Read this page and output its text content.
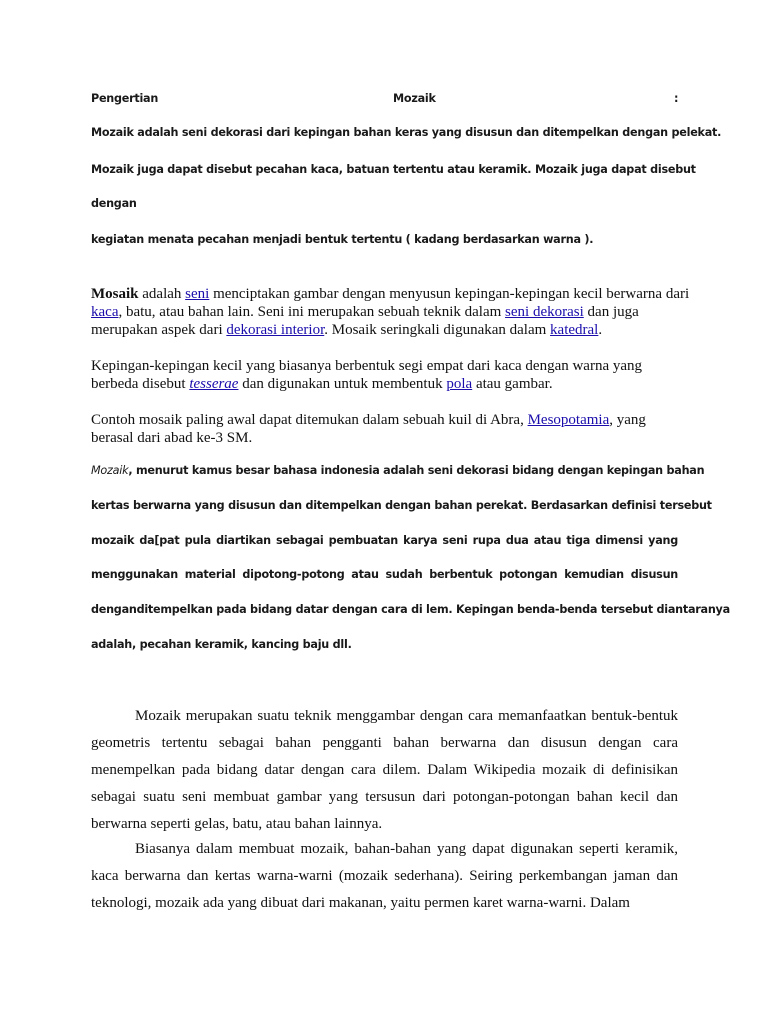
Pengertian	Mozaik	:
Mozaik adalah seni dekorasi dari kepingan bahan keras yang disusun dan ditempelkan dengan pelekat.
Mozaik juga dapat disebut pecahan kaca, batuan tertentu atau keramik. Mozaik juga dapat disebut
dengan
kegiatan menata pecahan menjadi bentuk tertentu ( kadang berdasarkan warna ).
Mosaik adalah seni menciptakan gambar dengan menyusun kepingan-kepingan kecil berwarna dari kaca, batu, atau bahan lain. Seni ini merupakan sebuah teknik dalam seni dekorasi dan juga merupakan aspek dari dekorasi interior. Mosaik seringkali digunakan dalam katedral.
Kepingan-kepingan kecil yang biasanya berbentuk segi empat dari kaca dengan warna yang berbeda disebut tesserae dan digunakan untuk membentuk pola atau gambar.
Contoh mosaik paling awal dapat ditemukan dalam sebuah kuil di Abra, Mesopotamia, yang berasal dari abad ke-3 SM.
Mozaik, menurut kamus besar bahasa indonesia adalah seni dekorasi bidang dengan kepingan bahan
kertas berwarna yang disusun dan ditempelkan dengan bahan perekat. Berdasarkan definisi tersebut
mozaik da[pat pula diartikan sebagai pembuatan karya seni rupa dua atau tiga dimensi yang
menggunakan material dipotong-potong atau sudah berbentuk potongan kemudian disusun
denganditempelkan pada bidang datar dengan cara di lem. Kepingan benda-benda tersebut diantaranya
adalah, pecahan keramik, kancing baju dll.
Mozaik merupakan suatu teknik menggambar dengan cara memanfaatkan bentuk-bentuk geometris tertentu sebagai bahan pengganti bahan berwarna dan disusun dengan cara menempelkan pada bidang datar dengan cara dilem. Dalam Wikipedia mozaik di definisikan sebagai suatu seni membuat gambar yang tersusun dari potongan-potongan bahan kecil dan berwarna seperti gelas, batu, atau bahan lainnya.
Biasanya dalam membuat mozaik, bahan-bahan yang dapat digunakan seperti keramik, kaca berwarna dan kertas warna-warni (mozaik sederhana). Seiring perkembangan jaman dan teknologi, mozaik ada yang dibuat dari makanan, yaitu permen karet warna-warni. Dalam
